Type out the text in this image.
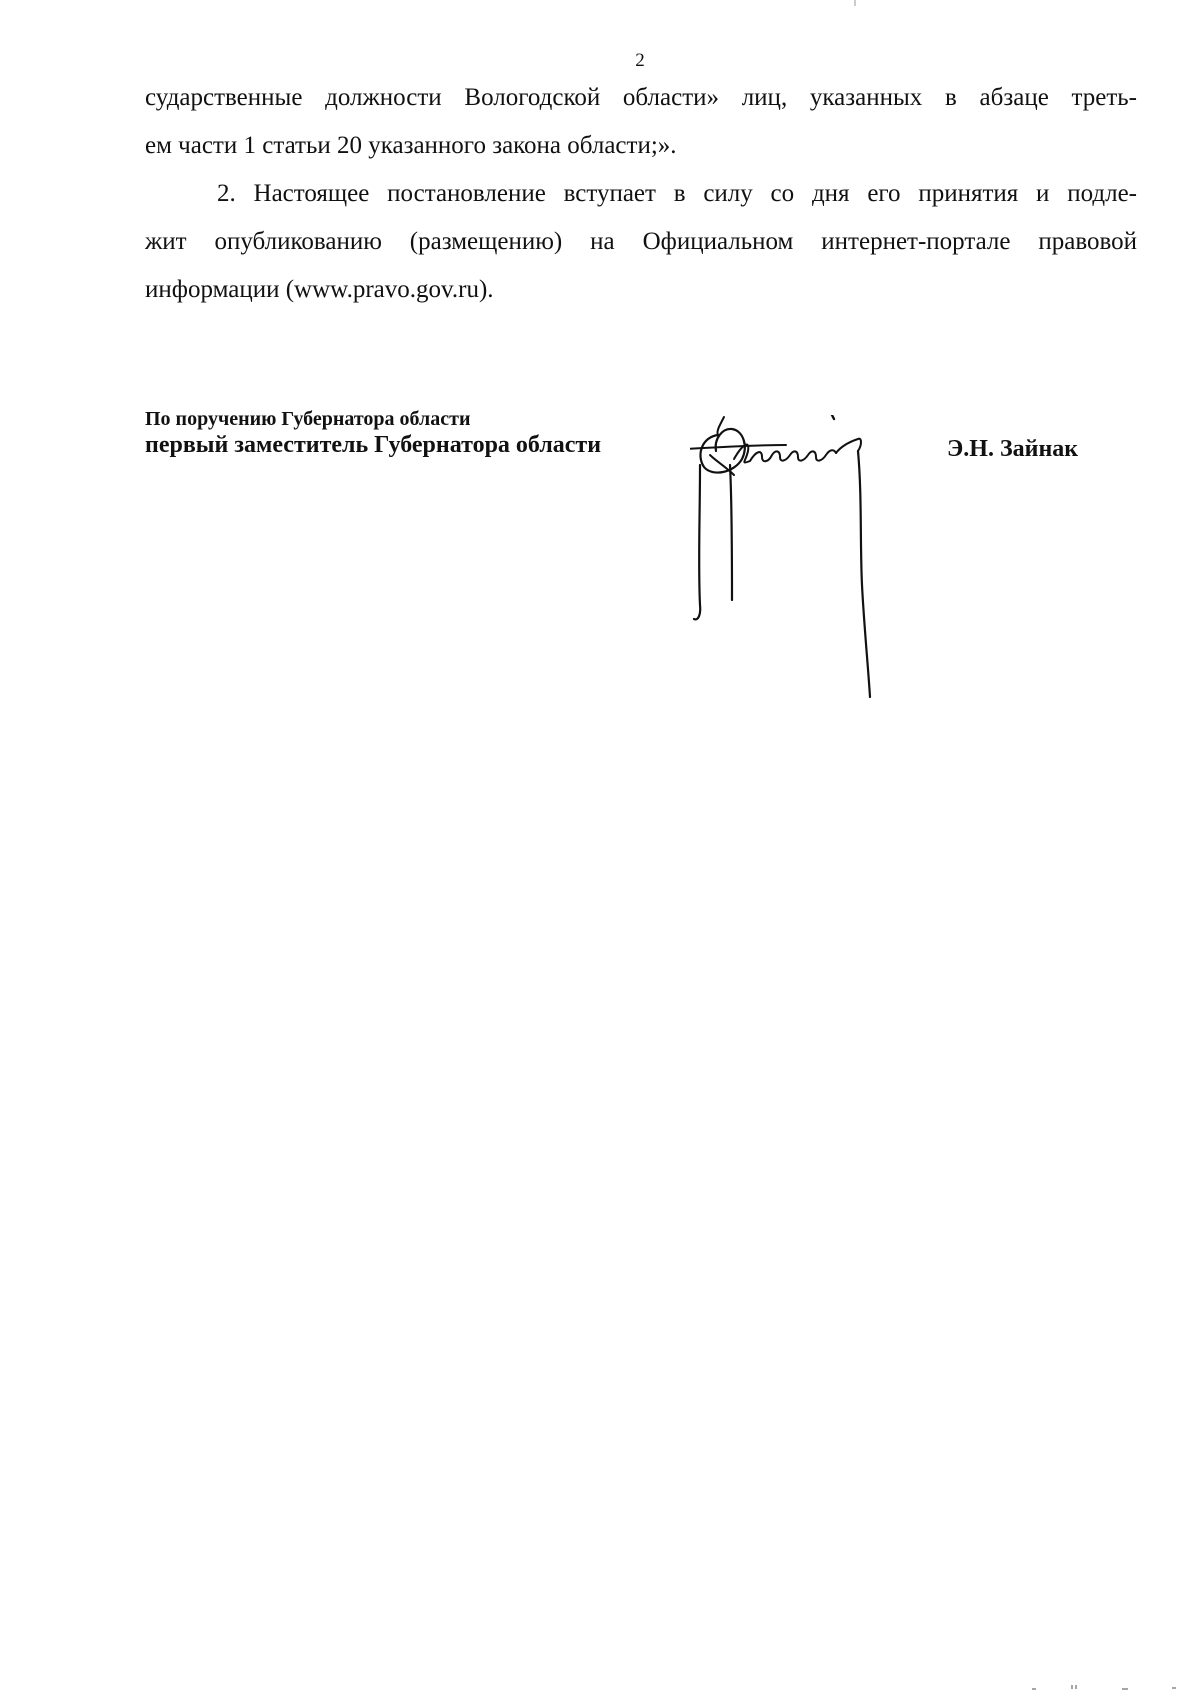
2

сударственные должности Вологодской области» лиц, указанных в абзаце треть-
ем части 1 статьи 20 указанного закона области;».

2. Настоящее постановление вступает в силу со дня его принятия и подле-
жит опубликованию (размещению) на Официальном интернет-портале правовой
информации (www.pravo.gov.ru).

По поручению Губернатора области
первый заместитель Губернатора области	Э.Н. Зайнак
